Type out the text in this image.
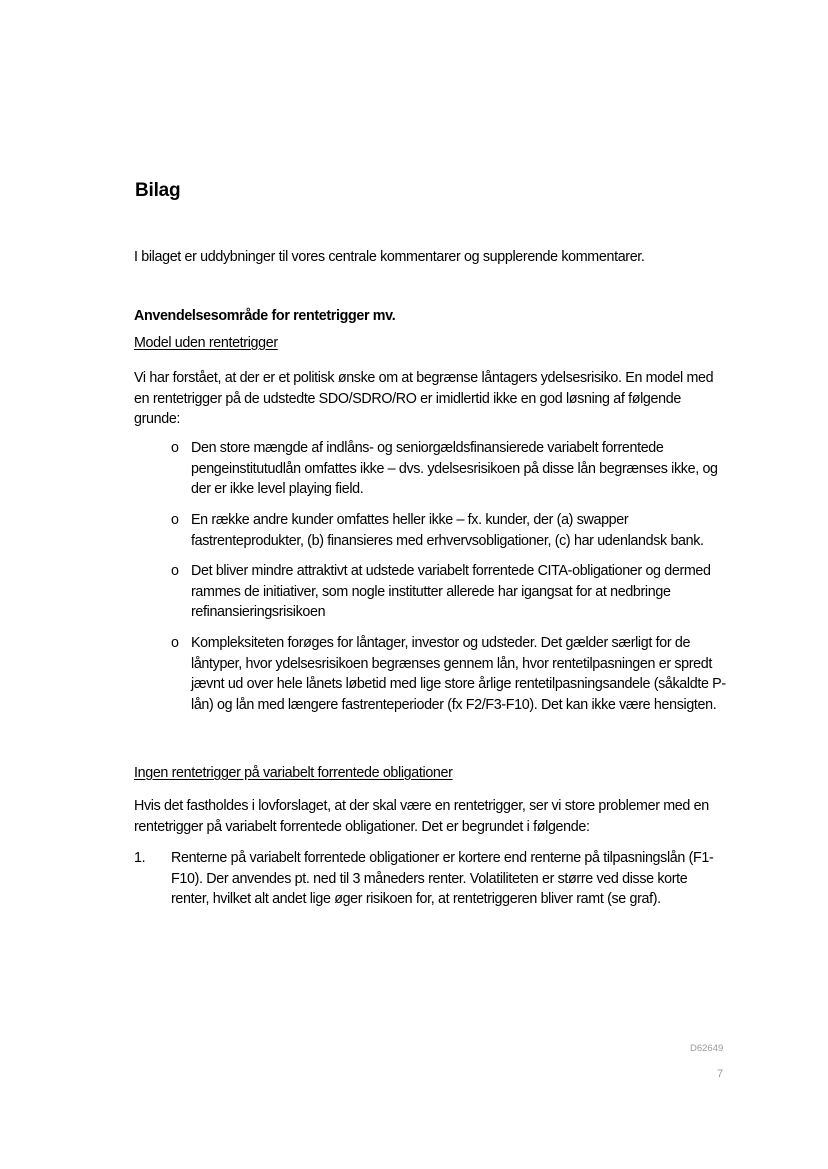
Bilag
I bilaget er uddybninger til vores centrale kommentarer og supplerende kommentarer.
Anvendelsesområde for rentetrigger mv.
Model uden rentetrigger
Vi har forstået, at der er et politisk ønske om at begrænse låntagers ydelsesrisiko. En model med en rentetrigger på de udstedte SDO/SDRO/RO er imidlertid ikke en god løsning af følgende grunde:
o Den store mængde af indlåns- og seniorgældsfinansierede variabelt forrentede pengeinstitutudlån omfattes ikke – dvs. ydelsesrisikoen på disse lån begrænses ikke, og der er ikke level playing field.
o En række andre kunder omfattes heller ikke – fx. kunder, der (a) swapper fastrenteprodukter, (b) finansieres med erhvervsobligationer, (c) har udenlandsk bank.
o Det bliver mindre attraktivt at udstede variabelt forrentede CITA-obligationer og dermed rammes de initiativer, som nogle institutter allerede har igangsat for at nedbringe refinansieringsrisikoen
o Kompleksiteten forøges for låntager, investor og udsteder. Det gælder særligt for de låntyper, hvor ydelsesrisikoen begrænses gennem lån, hvor rentetilpasningen er spredt jævnt ud over hele lånets løbetid med lige store årlige rentetilpasningsandele (såkaldte P-lån) og lån med længere fastrenteperioder (fx F2/F3-F10). Det kan ikke være hensigten.
Ingen rentetrigger på variabelt forrentede obligationer
Hvis det fastholdes i lovforslaget, at der skal være en rentetrigger, ser vi store problemer med en rentetrigger på variabelt forrentede obligationer. Det er begrundet i følgende:
1. Renterne på variabelt forrentede obligationer er kortere end renterne på tilpasningslån (F1-F10). Der anvendes pt. ned til 3 måneders renter. Volatiliteten er større ved disse korte renter, hvilket alt andet lige øger risikoen for, at rentetriggeren bliver ramt (se graf).
D62649
7
